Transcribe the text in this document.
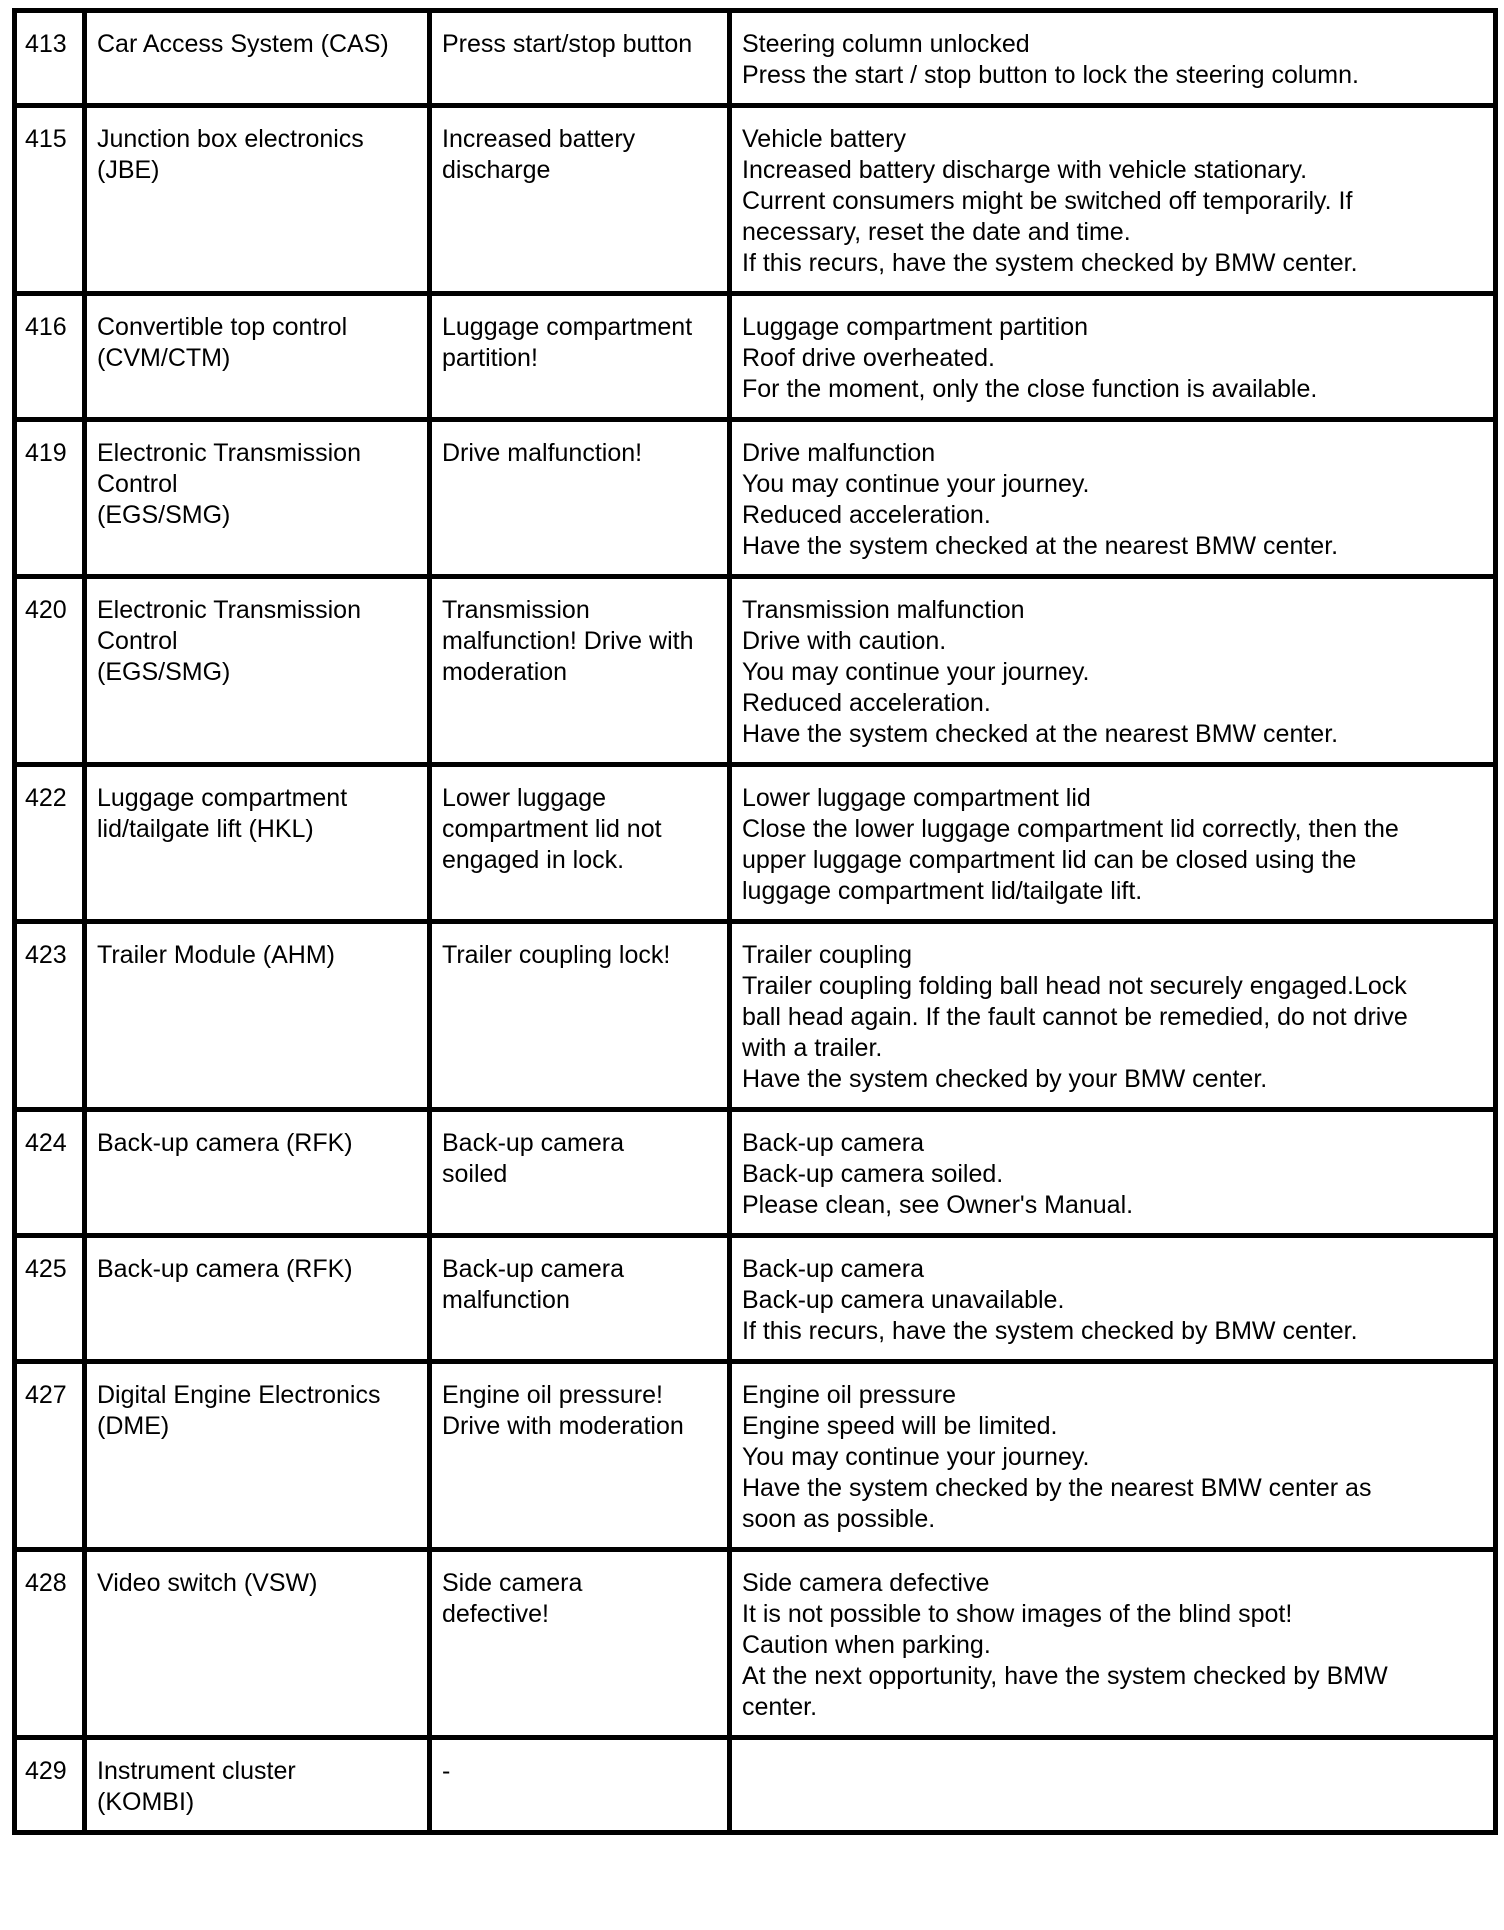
413	Car Access System (CAS)	Press start/stop button	Steering column unlocked
Press the start / stop button to lock the steering column.

415	Junction box electronics
(JBE)	Increased battery
discharge	Vehicle battery
Increased battery discharge with vehicle stationary.
Current consumers might be switched off temporarily. If
necessary, reset the date and time.
If this recurs, have the system checked by BMW center.

416	Convertible top control
(CVM/CTM)	Luggage compartment
partition!	Luggage compartment partition
Roof drive overheated.
For the moment, only the close function is available.

419	Electronic Transmission
Control
(EGS/SMG)	Drive malfunction!	Drive malfunction
You may continue your journey.
Reduced acceleration.
Have the system checked at the nearest BMW center.

420	Electronic Transmission
Control
(EGS/SMG)	Transmission
malfunction! Drive with
moderation	Transmission malfunction
Drive with caution.
You may continue your journey.
Reduced acceleration.
Have the system checked at the nearest BMW center.

422	Luggage compartment
lid/tailgate lift (HKL)	Lower luggage
compartment lid not
engaged in lock.	Lower luggage compartment lid
Close the lower luggage compartment lid correctly, then the
upper luggage compartment lid can be closed using the
luggage compartment lid/tailgate lift.

423	Trailer Module (AHM)	Trailer coupling lock!	Trailer coupling
Trailer coupling folding ball head not securely engaged.Lock
ball head again. If the fault cannot be remedied, do not drive
with a trailer.
Have the system checked by your BMW center.

424	Back-up camera (RFK)	Back-up camera
soiled	Back-up camera
Back-up camera soiled.
Please clean, see Owner's Manual.

425	Back-up camera (RFK)	Back-up camera
malfunction	Back-up camera
Back-up camera unavailable.
If this recurs, have the system checked by BMW center.

427	Digital Engine Electronics
(DME)	Engine oil pressure!
Drive with moderation	Engine oil pressure
Engine speed will be limited.
You may continue your journey.
Have the system checked by the nearest BMW center as
soon as possible.

428	Video switch (VSW)	Side camera
defective!	Side camera defective
It is not possible to show images of the blind spot!
Caution when parking.
At the next opportunity, have the system checked by BMW
center.

429	Instrument cluster
(KOMBI)	-	
